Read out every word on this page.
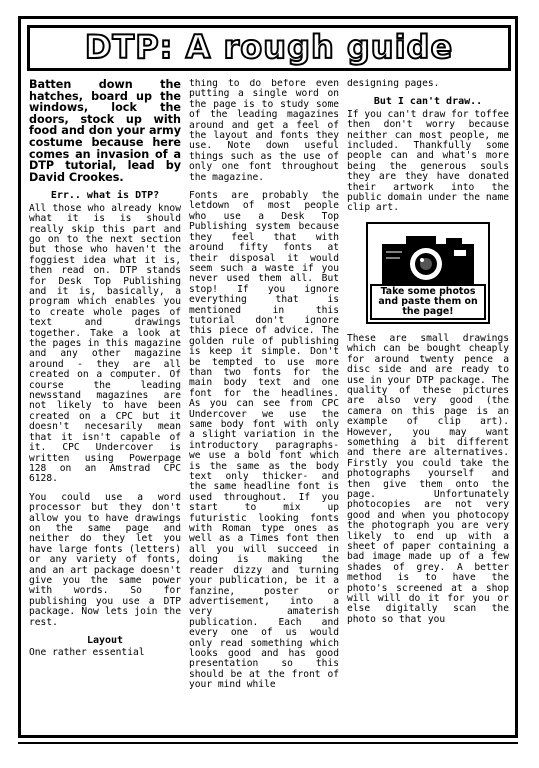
DTP: A rough guide

Batten down the hatches, board up the windows, lock the doors, stock up with food and don your army costume because here comes an invasion of a DTP tutorial, lead by David Crookes.

Err.. what is DTP?

All those who already know what it is is should really skip this part and go on to the next section but those who haven't the foggiest idea what it is, then read on. DTP stands for Desk Top Publishing and it is, basically, a program which enables you to create whole pages of text and drawings together. Take a look at the pages in this magazine and any other magazine around - they are all created on a computer. Of course the leading newsstand magazines are not likely to have been created on a CPC but it doesn't necesarily mean that it isn't capable of it. CPC Undercover is written using Powerpage 128 on an Amstrad CPC 6128.

You could use a word processor but they don't allow you to have drawings on the same page and neither do they let you have large fonts (letters) or any variety of fonts, and an art package doesn't give you the same power with words. So for publishing you use a DTP package. Now lets join the rest.

Layout

One rather essential

thing to do before even putting a single word on the page is to study some of the leading magazines around and get a feel of the layout and fonts they use. Note down useful things such as the use of only one font throughout the magazine.

Fonts are probably the letdown of most people who use a Desk Top Publishing system because they feel that with around fifty fonts at their disposal it would seem such a waste if you never used them all. But stop! If you ignore everything that is mentioned in this tutorial don't ignore this piece of advice. The golden rule of publishing is keep it simple. Don't be tempted to use more than two fonts for the main body text and one font for the headlines. As you can see from CPC Undercover we use the same body font with only a slight variation in the introductory paragraphs- we use a bold font which is the same as the body text only thicker- and the same headline font is used throughout. If you start to mix up futuristic looking fonts with Roman type ones as well as a Times font then all you will succeed in doing is making the reader dizzy and turning your publication, be it a fanzine, poster or advertisement, into a very amaterish publication. Each and every one of us would only read something which looks good and has good presentation so this should be at the front of your mind while

designing pages.

But I can't draw..

If you can't draw for toffee then don't worry because neither can most people, me included. Thankfully some people can and what's more being the generous souls they are they have donated their artwork into the public domain under the name clip art.

Take some photos and paste them on the page!

These are small drawings which can be bought cheaply for around twenty pence a disc side and are ready to use in your DTP package. The quality of these pictures are also very good (the camera on this page is an example of clip art). However, you may want something a bit different and there are alternatives. Firstly you could take the photographs yourself and then give them onto the page. Unfortunately photocopies are not very good and when you photocopy the photograph you are very likely to end up with a sheet of paper containing a bad image made up of a few shades of grey. A better method is to have the photo's screened at a shop will will do it for you or else digitally scan the photo so that you
